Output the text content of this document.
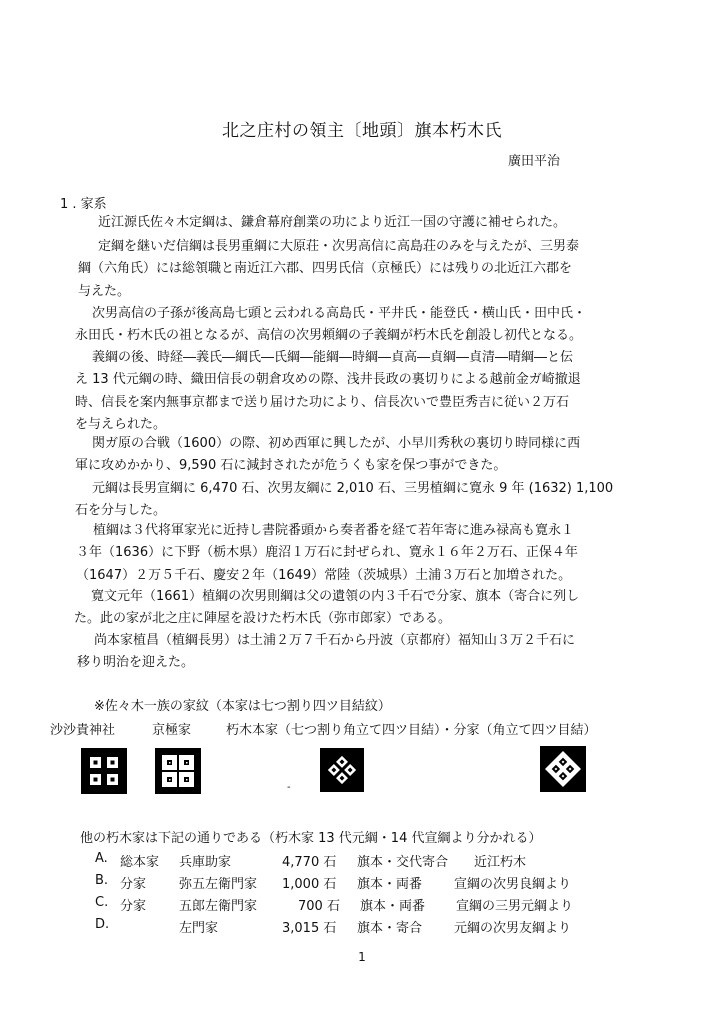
北之庄村の領主〔地頭〕旗本朽木氏
廣田平治
1 . 家系
近江源氏佐々木定綱は、鎌倉幕府創業の功により近江一国の守護に補せられた。
定綱を継いだ信綱は長男重綱に大原荘・次男高信に高島荘のみを与えたが、三男泰
綱（六角氏）には総領職と南近江六郡、四男氏信（京極氏）には残りの北近江六郡を
与えた。
次男高信の子孫が後高島七頭と云われる高島氏・平井氏・能登氏・横山氏・田中氏・
永田氏・朽木氏の祖となるが、高信の次男頼綱の子義綱が朽木氏を創設し初代となる。
義綱の後、時経―義氏―綱氏―氏綱―能綱―時綱―貞高―貞綱―貞清―晴綱―と伝
え 13 代元綱の時、織田信長の朝倉攻めの際、浅井長政の裏切りによる越前金ガ崎撤退
時、信長を案内無事京都まで送り届けた功により、信長次いで豊臣秀吉に従い２万石
を与えられた。
関ガ原の合戦（1600）の際、初め西軍に興したが、小早川秀秋の裏切り時同様に西
軍に攻めかかり、9,590 石に減封されたが危うくも家を保つ事ができた。
元綱は長男宣綱に 6,470 石、次男友綱に 2,010 石、三男植綱に寛永 9 年 (1632) 1,100
石を分与した。
植綱は３代将軍家光に近持し書院番頭から奏者番を経て若年寄に進み禄高も寛永１
３年（1636）に下野（栃木県）鹿沼１万石に封ぜられ、寛永１６年２万石、正保４年
（1647）２万５千石、慶安２年（1649）常陸（茨城県）土浦３万石と加増された。
寛文元年（1661）植綱の次男則綱は父の遺領の内３千石で分家、旗本（寄合に列し
た。此の家が北之庄に陣屋を設けた朽木氏（弥市郎家）である。
尚本家植昌（植綱長男）は土浦２万７千石から丹波（京都府）福知山３万２千石に
移り明治を迎えた。
※佐々木一族の家紋（本家は七つ割り四ツ目結紋）
沙沙貴神社	京極家	朽木本家（七つ割り角立て四ツ目結）・分家（角立て四ツ目結）
-
他の朽木家は下記の通りである（朽木家 13 代元綱・14 代宣綱より分かれる）
A. 総本家 兵庫助家	4,770 石 旗本・交代寄合 近江朽木
B. 分家	弥五左衛門家 1,000 石 旗本・両番 宣綱の次男良綱より
C. 分家	五郎左衛門家	700 石 旗本・両番 宣綱の三男元綱より
D.	左門家	3,015 石 旗本・寄合 元綱の次男友綱より
1
